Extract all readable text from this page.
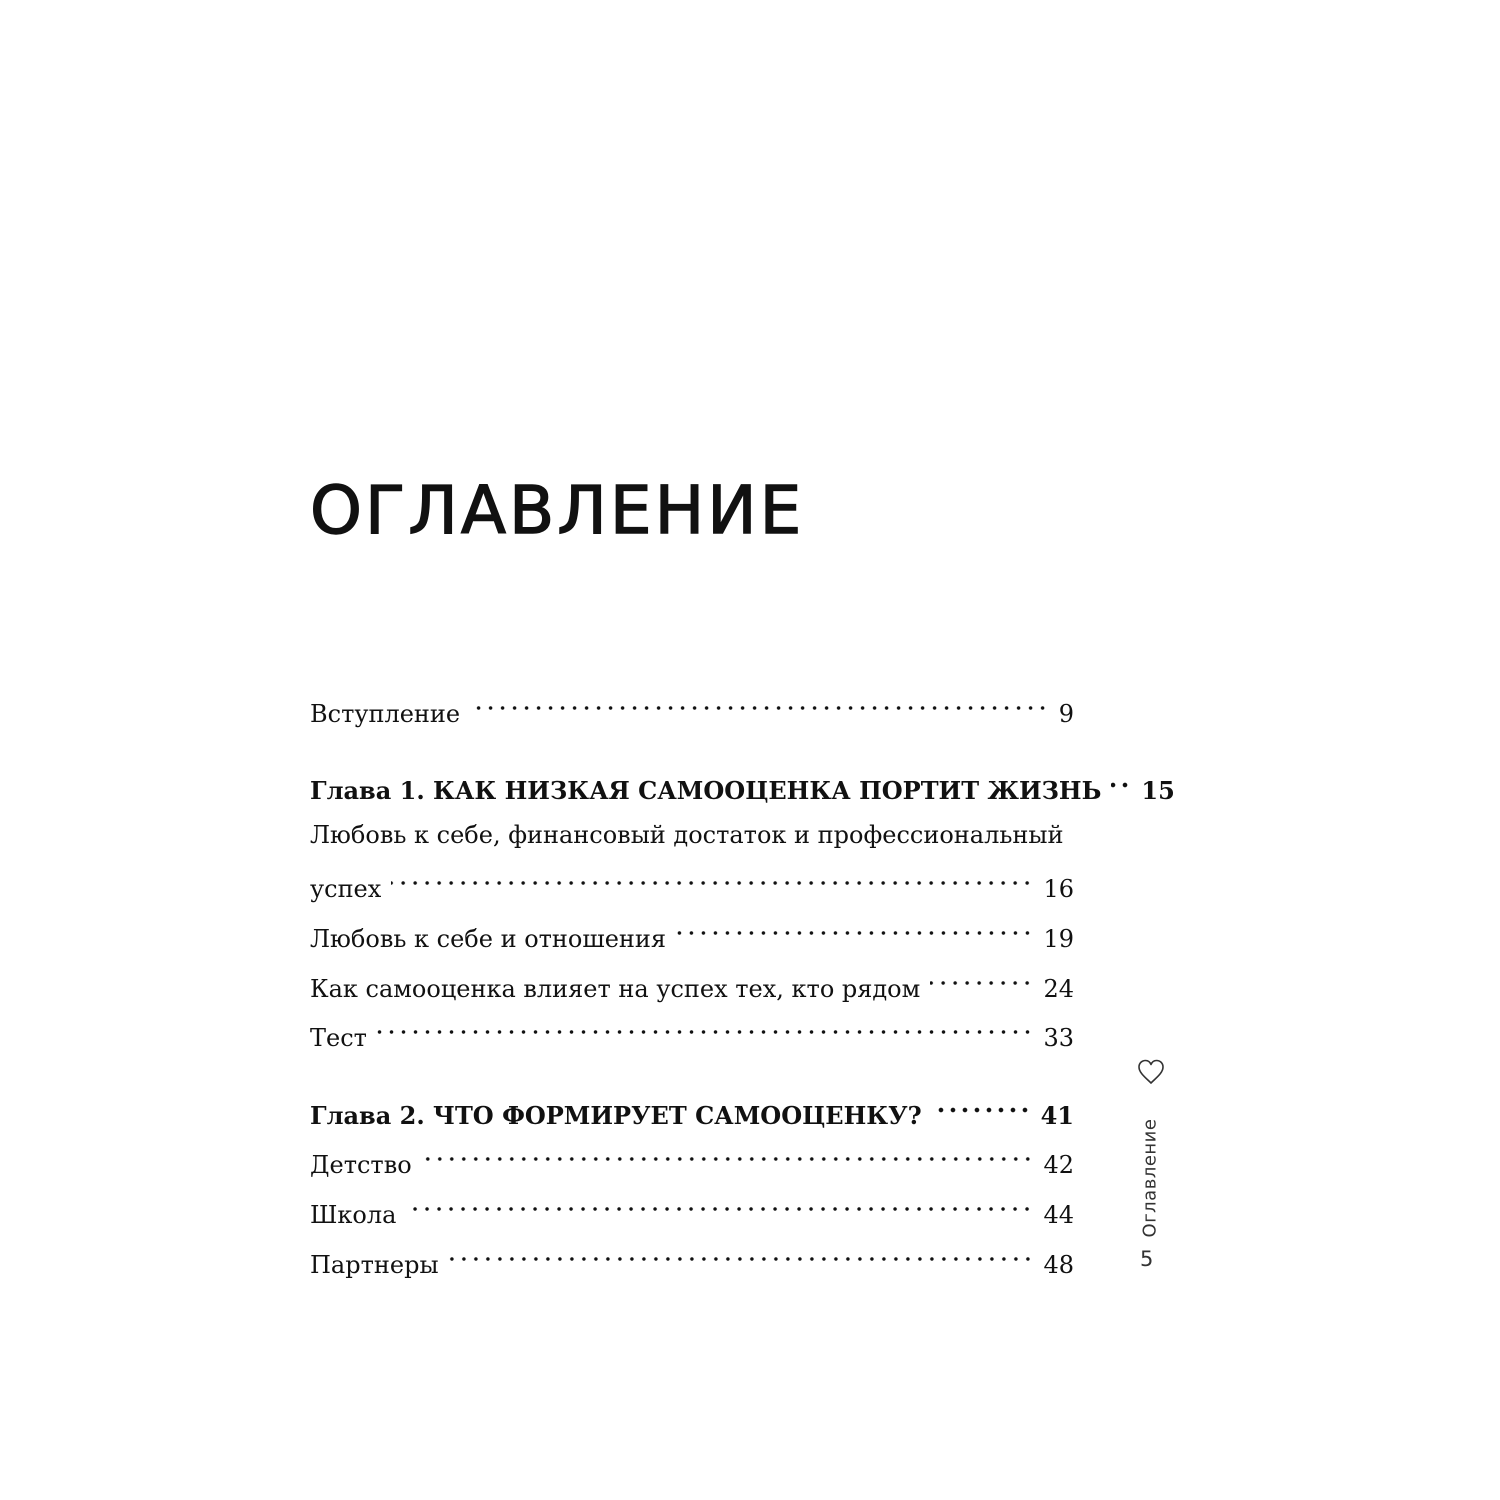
ОГЛАВЛЕНИЕ
Вступление	9
Глава 1. КАК НИЗКАЯ САМООЦЕНКА ПОРТИТ ЖИЗНЬ 15
Любовь к себе, финансовый достаток и профессиональный
успех	16
Любовь к себе и отношения	19
Как самооценка влияет на успех тех, кто рядом	24
Тест	33
Глава 2. ЧТО ФОРМИРУЕТ САМООЦЕНКУ?	41
Детство	42
Школа	44
Партнеры	48
Оглавление
5
